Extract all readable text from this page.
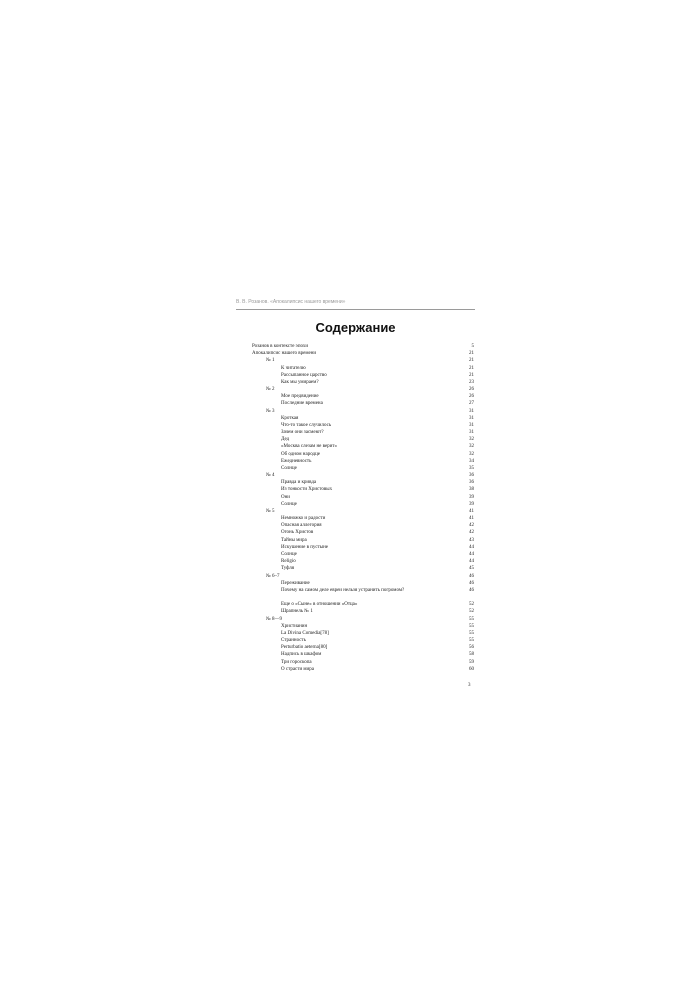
В. В. Розанов. «Апокалипсис нашего времени»
Содержание
Розанов в контексте эпохи	5
Апокалипсис нашего времени	21
№ 1	21
К читателю	21
Рассыпанное царство	21
Как мы умираем?	23
№ 2	26
Мое предвидение	26
Последние времена	27
№ 3	31
Кроткая	31
Что-то такое случилось	31
Зачем они засмеют?	31
Дед	32
«Москва слезам не верит»	32
Об одном народце	32
Ежедневность	34
Солнце	35
№ 4	36
Правда и кривда	36
Из тонкости Христовых	38
Они	39
Солнце	39
№ 5	41
Немножко и радости	41
Опасная аллегория	42
Огонь Христов	42
Тайны мира	43
Искушение в пустыне	44
Солнце	44
Religio	44
Туфля	45
№ 6–7	46
Переживание	46
Почему на самом деле евреи нельзя устранить погромом?	46
Еще о «Сыне» в отношении «Отца»	52
Шрапнель № 1	52
№ 8—9	55
Христианин	55
La Divina Comedia[78]	55
Странность	55
Perturbatio aeterna[80]	56
Надпись в шкафом	58
Три гороскопа	59
О страсти мира	60
3
